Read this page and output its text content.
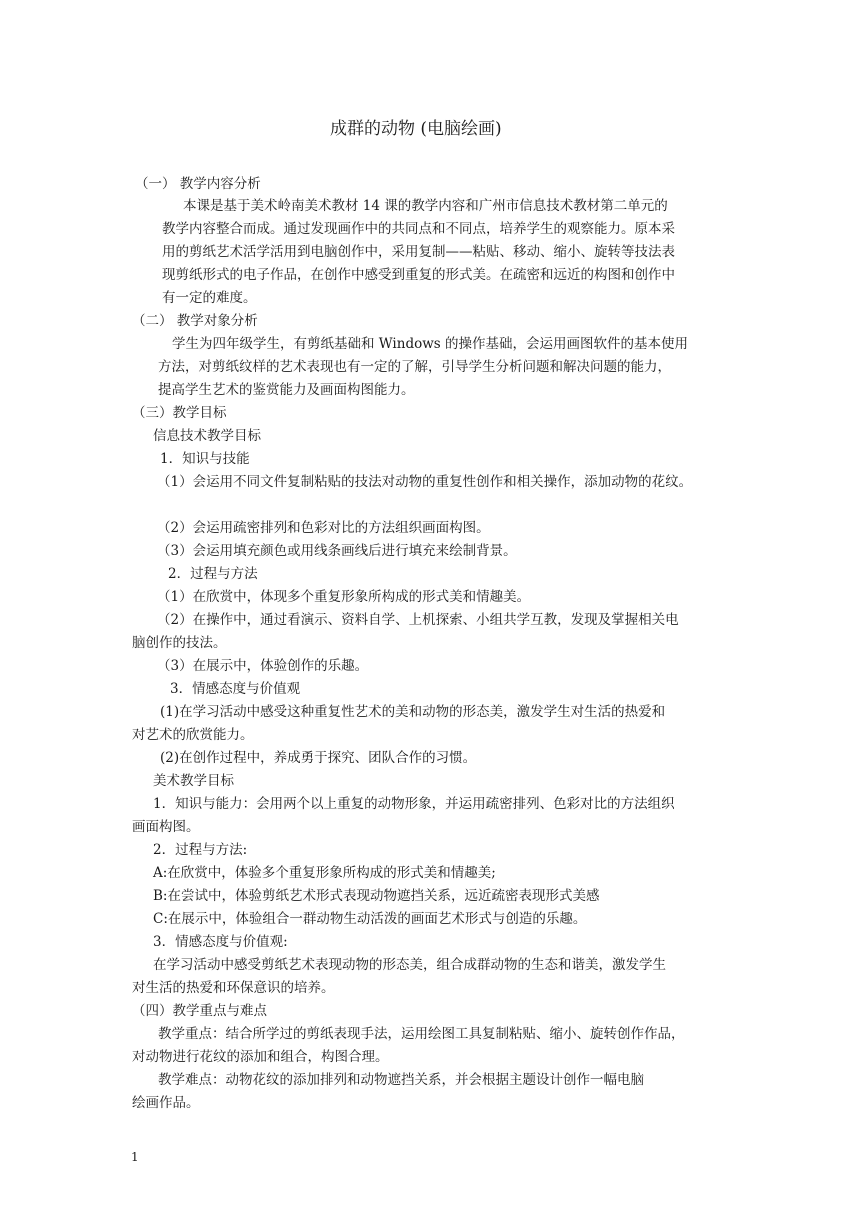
成群的动物 (电脑绘画)
（一） 教学内容分析
本课是基于美术岭南美术教材 14 课的教学内容和广州市信息技术教材第二单元的
教学内容整合而成。通过发现画作中的共同点和不同点，培养学生的观察能力。原本采
用的剪纸艺术活学活用到电脑创作中，采用复制——粘贴、移动、缩小、旋转等技法表
现剪纸形式的电子作品，在创作中感受到重复的形式美。在疏密和远近的构图和创作中
有一定的难度。
（二） 教学对象分析
学生为四年级学生，有剪纸基础和 Windows 的操作基础，会运用画图软件的基本使用
方法，对剪纸纹样的艺术表现也有一定的了解，引导学生分析问题和解决问题的能力，
提高学生艺术的鉴赏能力及画面构图能力。
（三）教学目标
信息技术教学目标
1．知识与技能
（1）会运用不同文件复制粘贴的技法对动物的重复性创作和相关操作，添加动物的花纹。
（2）会运用疏密排列和色彩对比的方法组织画面构图。
（3）会运用填充颜色或用线条画线后进行填充来绘制背景。
2．过程与方法
（1）在欣赏中，体现多个重复形象所构成的形式美和情趣美。
（2）在操作中，通过看演示、资料自学、上机探索、小组共学互教，发现及掌握相关电
脑创作的技法。
（3）在展示中，体验创作的乐趣。
3．情感态度与价值观
(1)在学习活动中感受这种重复性艺术的美和动物的形态美，激发学生对生活的热爱和
对艺术的欣赏能力。
(2)在创作过程中，养成勇于探究、团队合作的习惯。
美术教学目标
1．知识与能力：会用两个以上重复的动物形象，并运用疏密排列、色彩对比的方法组织
画面构图。
2．过程与方法:
A:在欣赏中，体验多个重复形象所构成的形式美和情趣美;
B:在尝试中，体验剪纸艺术形式表现动物遮挡关系，远近疏密表现形式美感
C:在展示中，体验组合一群动物生动活泼的画面艺术形式与创造的乐趣。
3．情感态度与价值观:
在学习活动中感受剪纸艺术表现动物的形态美，组合成群动物的生态和谐美，激发学生
对生活的热爱和环保意识的培养。
（四）教学重点与难点
教学重点：结合所学过的剪纸表现手法，运用绘图工具复制粘贴、缩小、旋转创作作品，
对动物进行花纹的添加和组合，构图合理。
教学难点：动物花纹的添加排列和动物遮挡关系，并会根据主题设计创作一幅电脑
绘画作品。
1
